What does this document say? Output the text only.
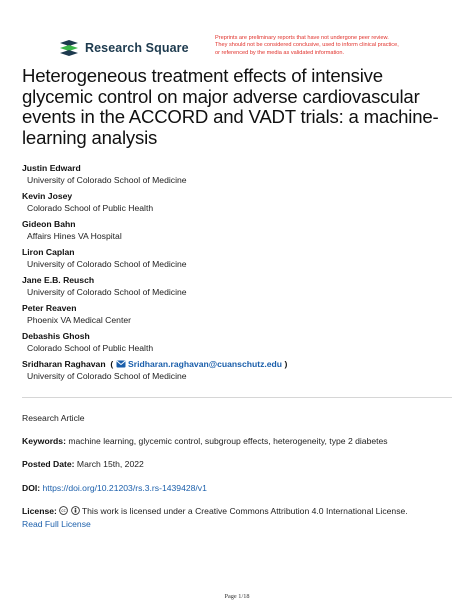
Research Square
Preprints are preliminary reports that have not undergone peer review.
They should not be considered conclusive, used to inform clinical practice,
or referenced by the media as validated information.
Heterogeneous treatment effects of intensive
glycemic control on major adverse cardiovascular
events in the ACCORD and VADT trials: a machine-
learning analysis
Justin Edward
University of Colorado School of Medicine
Kevin Josey
Colorado School of Public Health
Gideon Bahn
Affairs Hines VA Hospital
Liron Caplan
University of Colorado School of Medicine
Jane E.B. Reusch
University of Colorado School of Medicine
Peter Reaven
Phoenix VA Medical Center
Debashis Ghosh
Colorado School of Public Health
Sridharan Raghavan ( Sridharan.raghavan@cuanschutz.edu )
University of Colorado School of Medicine
Research Article
Keywords: machine learning, glycemic control, subgroup effects, heterogeneity, type 2 diabetes
Posted Date: March 15th, 2022
DOI: https://doi.org/10.21203/rs.3.rs-1439428/v1
License: cc This work is licensed under a Creative Commons Attribution 4.0 International License.
Read Full License
Page 1/18
